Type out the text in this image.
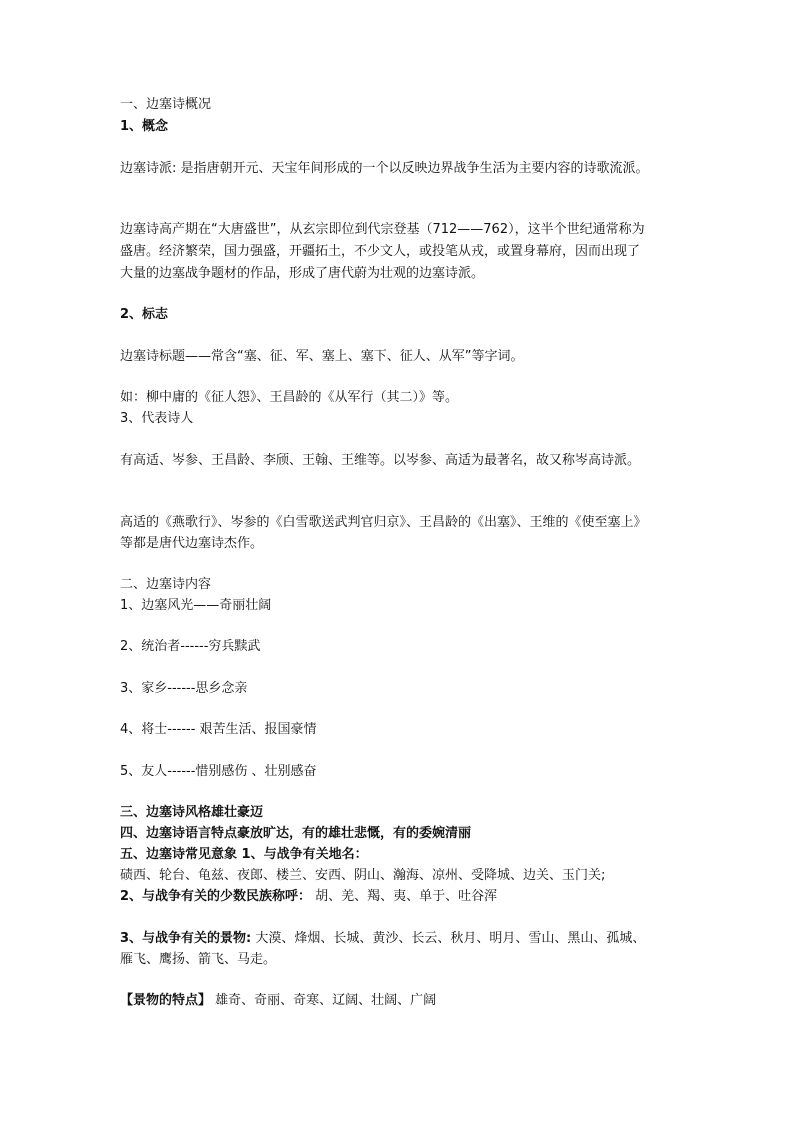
一、边塞诗概况
1、概念
边塞诗派: 是指唐朝开元、天宝年间形成的一个以反映边界战争生活为主要内容的诗歌流派。
边塞诗高产期在“大唐盛世”，从玄宗即位到代宗登基（712——762），这半个世纪通常称为
盛唐。经济繁荣，国力强盛，开疆拓土，不少文人，或投笔从戎，或置身幕府，因而出现了
大量的边塞战争题材的作品，形成了唐代蔚为壮观的边塞诗派。
2、标志
边塞诗标题——常含“塞、征、军、塞上、塞下、征人、从军”等字词。
如：柳中庸的《征人怨》、王昌龄的《从军行（其二）》等。
3、代表诗人
有高适、岑参、王昌龄、李颀、王翰、王维等。以岑参、高适为最著名，故又称岑高诗派。
高适的《燕歌行》、岑参的《白雪歌送武判官归京》、王昌龄的《出塞》、王维的《使至塞上》
等都是唐代边塞诗杰作。
二、边塞诗内容
1、边塞风光——奇丽壮阔
2、统治者------穷兵黩武
3、家乡------思乡念亲
4、将士------ 艰苦生活、报国豪情
5、友人------惜别感伤 、壮别感奋
三、边塞诗风格雄壮豪迈
四、边塞诗语言特点豪放旷达，有的雄壮悲慨，有的委婉清丽
五、边塞诗常见意象 1、与战争有关地名：
碛西、轮台、龟兹、夜郎、楼兰、安西、阴山、瀚海、凉州、受降城、边关、玉门关;
2、与战争有关的少数民族称呼： 胡、羌、羯、夷、单于、吐谷浑
3、与战争有关的景物: 大漠、烽烟、长城、黄沙、长云、秋月、明月、雪山、黑山、孤城、
雁飞、鹰扬、箭飞、马走。
【景物的特点】 雄奇、奇丽、奇寒、辽阔、壮阔、广阔
